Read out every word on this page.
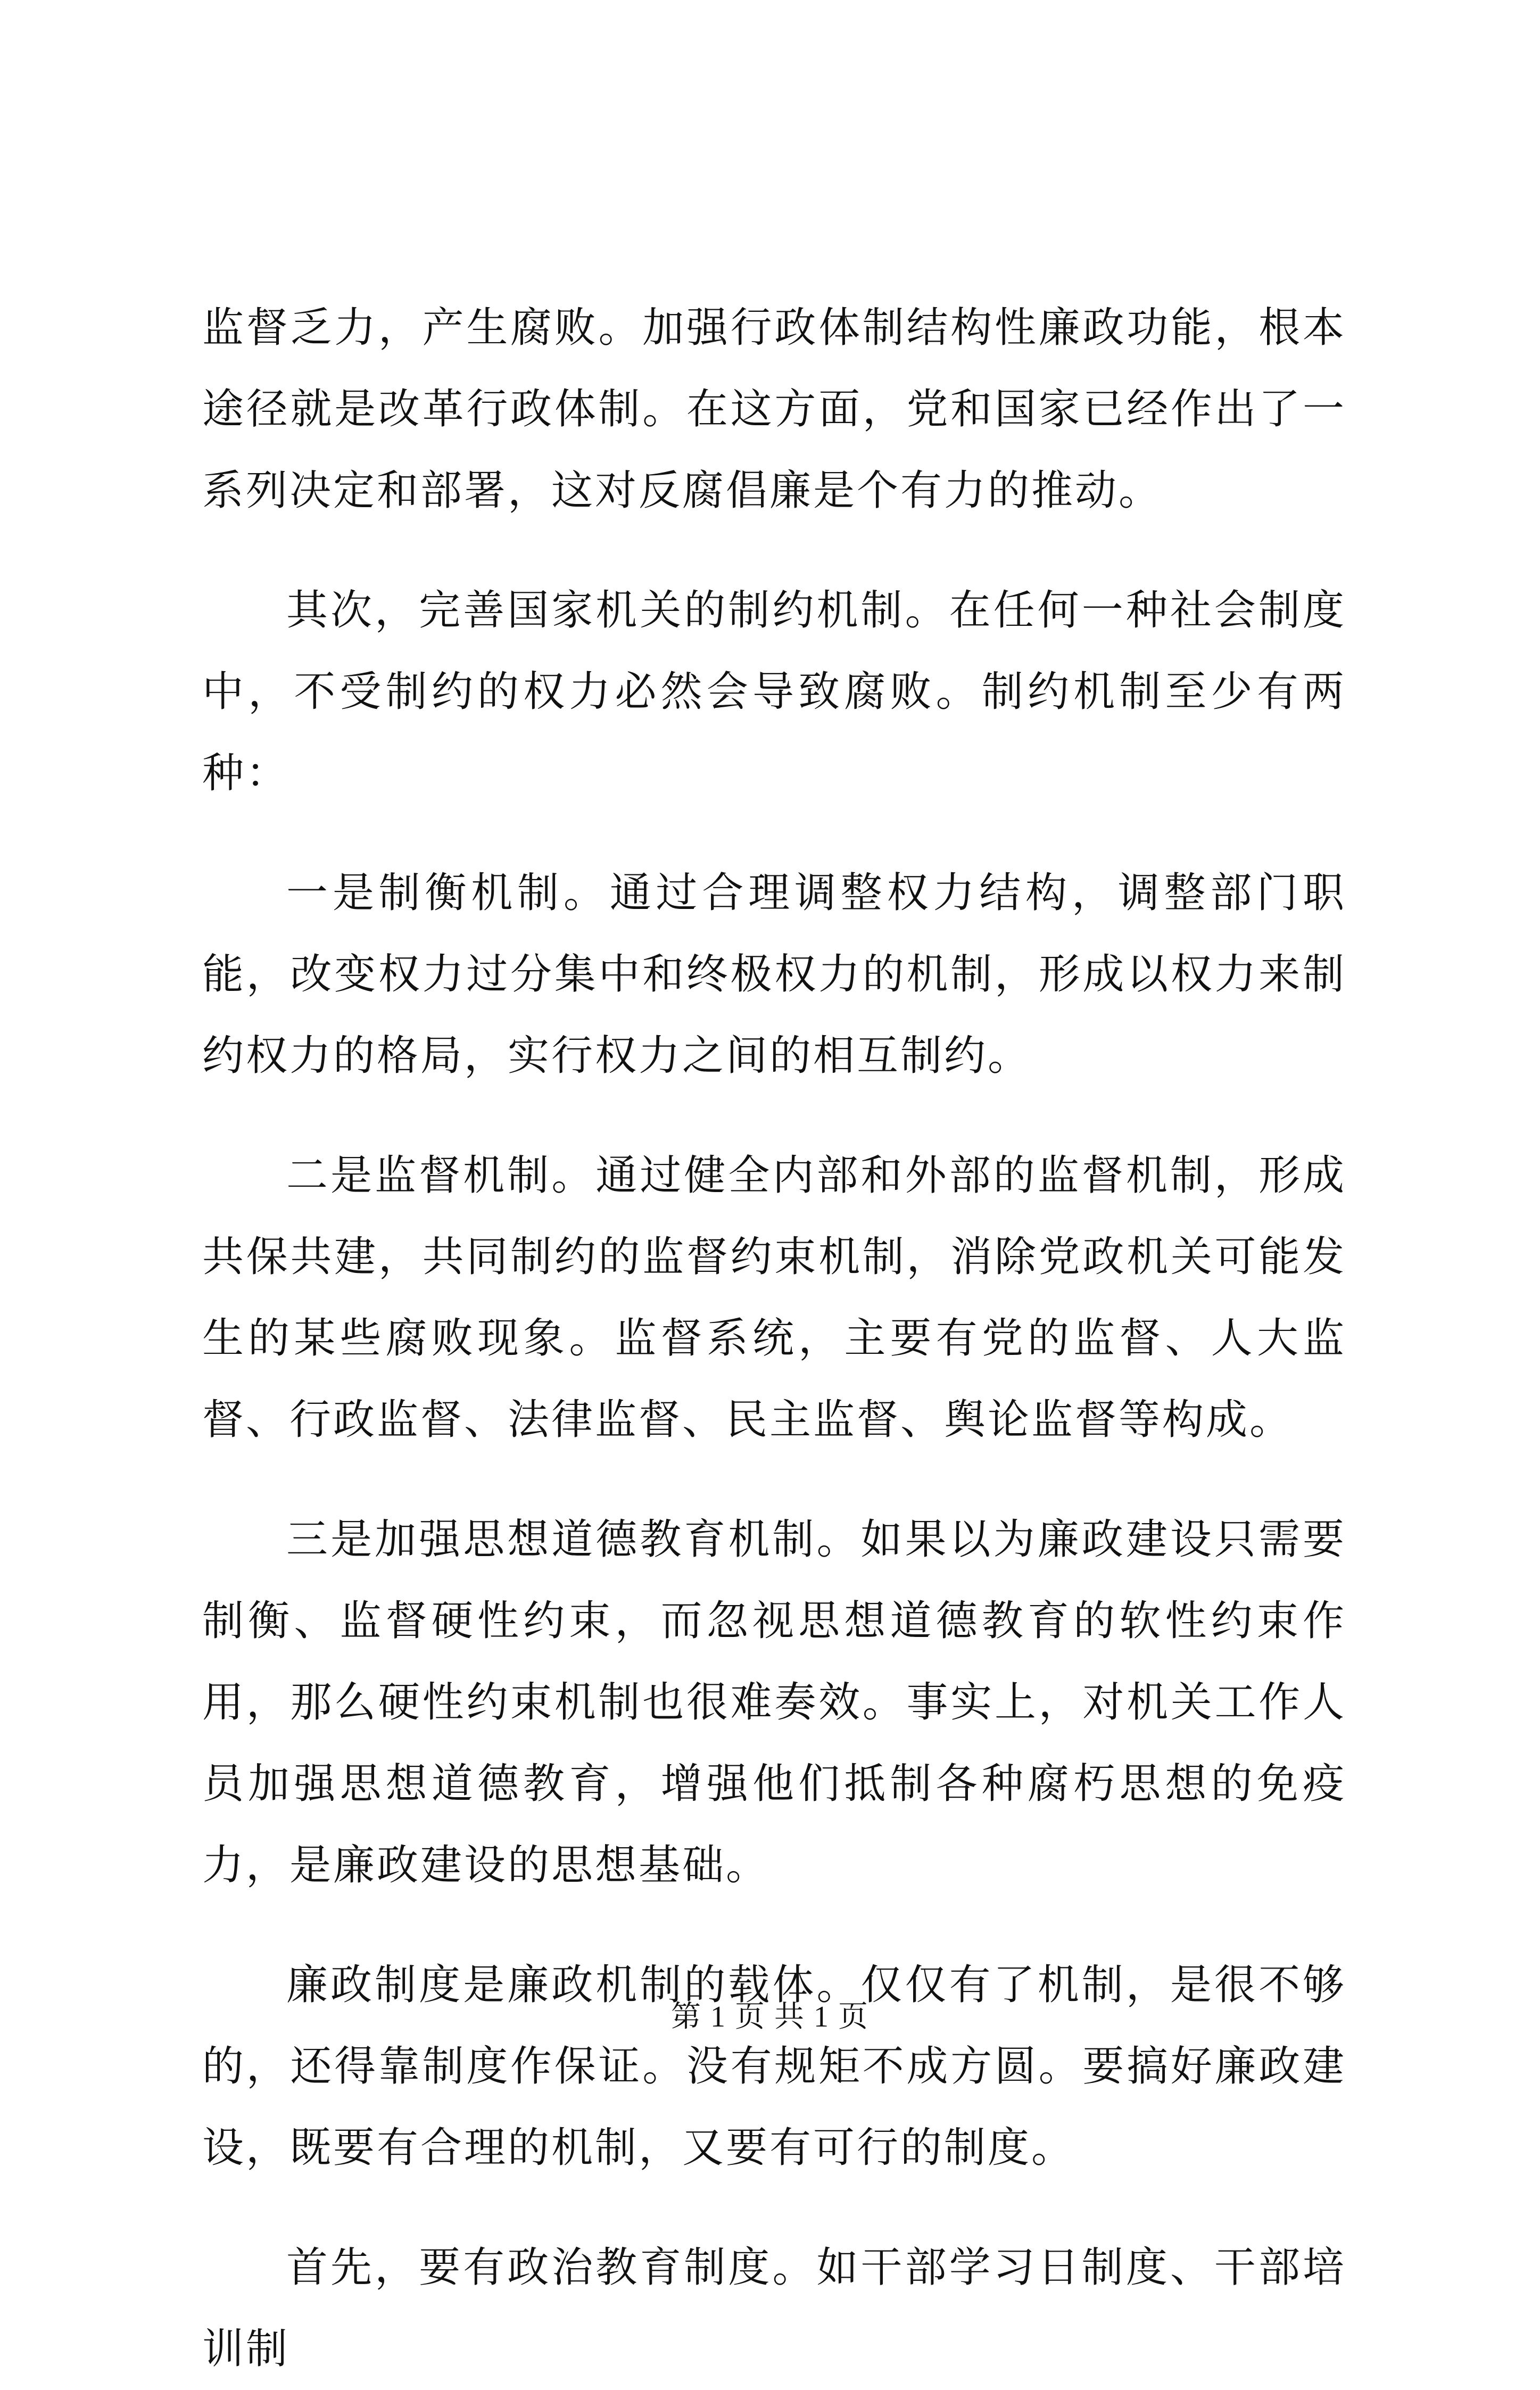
监督乏力，产生腐败。加强行政体制结构性廉政功能，根本途径就是改革行政体制。在这方面，党和国家已经作出了一系列决定和部署，这对反腐倡廉是个有力的推动。

其次，完善国家机关的制约机制。在任何一种社会制度中，不受制约的权力必然会导致腐败。制约机制至少有两种：

一是制衡机制。通过合理调整权力结构，调整部门职能，改变权力过分集中和终极权力的机制，形成以权力来制约权力的格局，实行权力之间的相互制约。

二是监督机制。通过健全内部和外部的监督机制，形成共保共建，共同制约的监督约束机制，消除党政机关可能发生的某些腐败现象。监督系统，主要有党的监督、人大监督、行政监督、法律监督、民主监督、舆论监督等构成。

三是加强思想道德教育机制。如果以为廉政建设只需要制衡、监督硬性约束，而忽视思想道德教育的软性约束作用，那么硬性约束机制也很难奏效。事实上，对机关工作人员加强思想道德教育，增强他们抵制各种腐朽思想的免疫力，是廉政建设的思想基础。

廉政制度是廉政机制的载体。仅仅有了机制，是很不够的，还得靠制度作保证。没有规矩不成方圆。要搞好廉政建设，既要有合理的机制，又要有可行的制度。

首先，要有政治教育制度。如干部学习日制度、干部培训制

第 1 页 共 1 页
